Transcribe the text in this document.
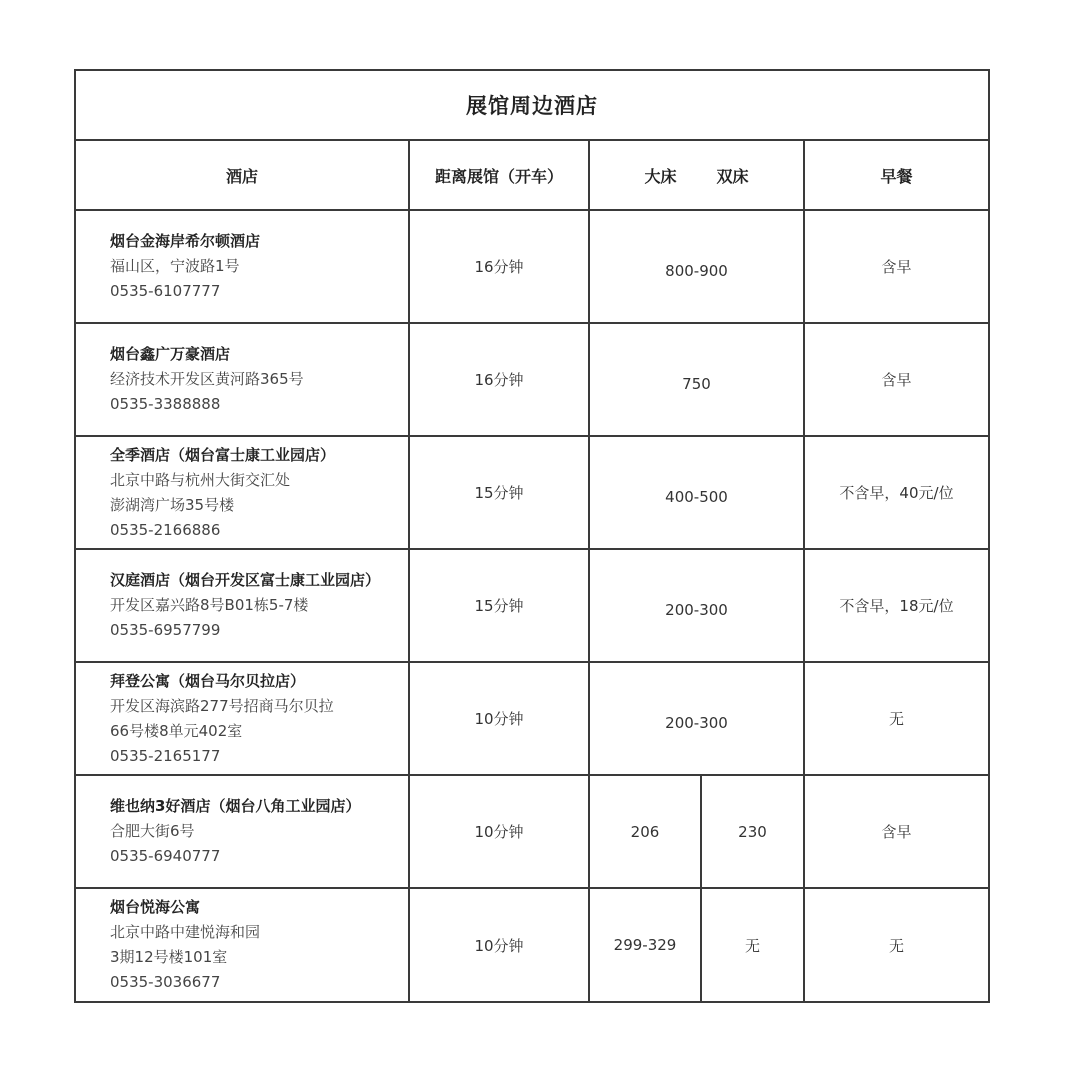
展馆周边酒店				
酒店	距离展馆（开车）	大床 双床		早餐

烟台金海岸希尔顿酒店
福山区，宁波路1号
0535-6107777	16分钟	800-900		含早

烟台鑫广万豪酒店
经济技术开发区黄河路365号
0535-3388888	16分钟	750		含早

全季酒店（烟台富士康工业园店）
北京中路与杭州大街交汇处
澎湖湾广场35号楼
0535-2166886	15分钟	400-500		不含早，40元/位

汉庭酒店（烟台开发区富士康工业园店）
开发区嘉兴路8号B01栋5-7楼
0535-6957799	15分钟	200-300		不含早，18元/位

拜登公寓（烟台马尔贝拉店）
开发区海滨路277号招商马尔贝拉
66号楼8单元402室
0535-2165177	10分钟	200-300		无

维也纳3好酒店（烟台八角工业园店）
合肥大街6号
0535-6940777	10分钟	206	230	含早

烟台悦海公寓
北京中路中建悦海和园
3期12号楼101室
0535-3036677	10分钟	299-329	无	无
